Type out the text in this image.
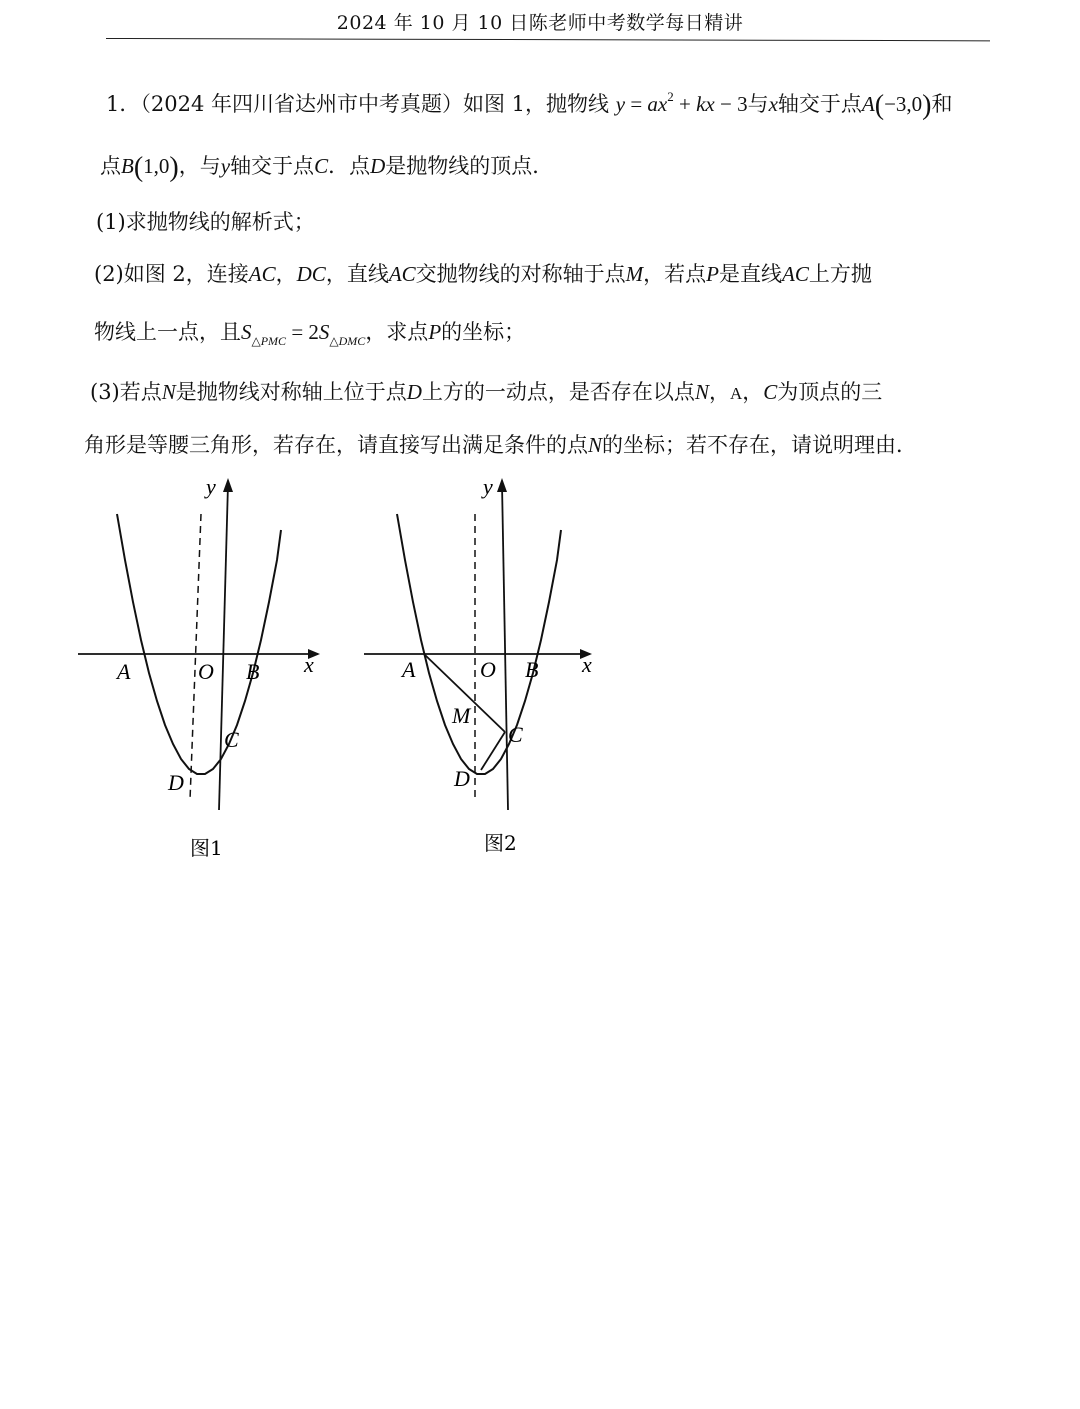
2024 年 10 月 10 日陈老师中考数学每日精讲
1．（2024 年四川省达州市中考真题）如图 1，抛物线 $y = ax^2$ + kx − 3与x轴交于点A(−3,0)和
点B(1,0)，与y轴交于点C．点D是抛物线的顶点．
(1)求抛物线的解析式；
(2)如图 2，连接AC，DC，直线AC交抛物线的对称轴于点M，若点P是直线AC上方抛
物线上一点，且$S_{\triangle PMC} = 2S_{\triangle DMC}$，求点P的坐标；
(3)若点N是抛物线对称轴上位于点D上方的一动点，是否存在以点N，A，C为顶点的三
角形是等腰三角形，若存在，请直接写出满足条件的点N的坐标；若不存在，请说明理由．
y
x
A	O B
C
D
图1
y
x
A	O B
M
C
D
图2
